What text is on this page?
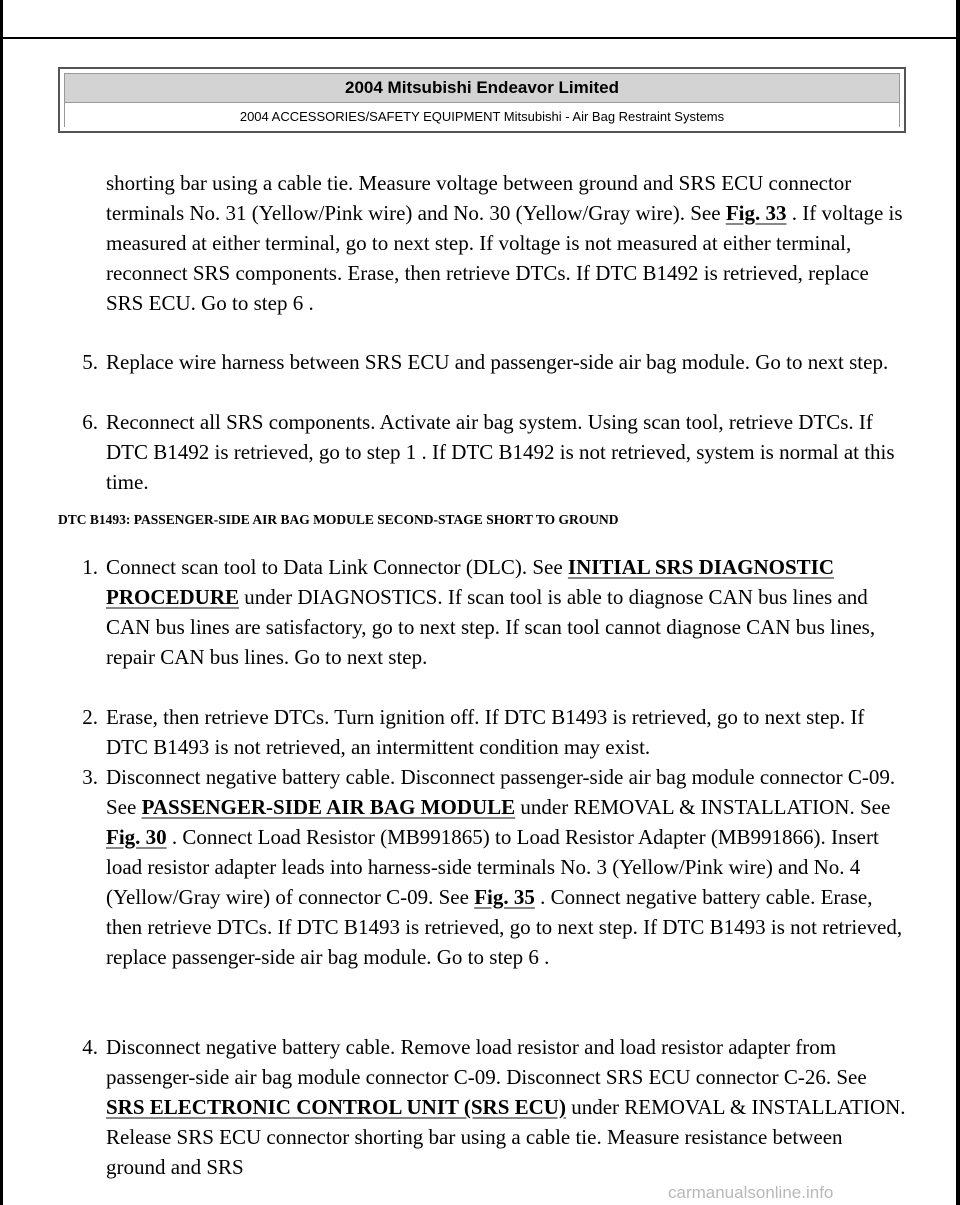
2004 Mitsubishi Endeavor Limited
2004 ACCESSORIES/SAFETY EQUIPMENT Mitsubishi - Air Bag Restraint Systems

shorting bar using a cable tie. Measure voltage between ground and SRS ECU connector terminals No. 31 (Yellow/Pink wire) and No. 30 (Yellow/Gray wire). See Fig. 33 . If voltage is measured at either terminal, go to next step. If voltage is not measured at either terminal, reconnect SRS components. Erase, then retrieve DTCs. If DTC B1492 is retrieved, replace SRS ECU. Go to step 6 .

5. Replace wire harness between SRS ECU and passenger-side air bag module. Go to next step.

6. Reconnect all SRS components. Activate air bag system. Using scan tool, retrieve DTCs. If DTC B1492 is retrieved, go to step 1 . If DTC B1492 is not retrieved, system is normal at this time.

DTC B1493: PASSENGER-SIDE AIR BAG MODULE SECOND-STAGE SHORT TO GROUND
1. Connect scan tool to Data Link Connector (DLC). See INITIAL SRS DIAGNOSTIC PROCEDURE under DIAGNOSTICS. If scan tool is able to diagnose CAN bus lines and CAN bus lines are satisfactory, go to next step. If scan tool cannot diagnose CAN bus lines, repair CAN bus lines. Go to next step.

2. Erase, then retrieve DTCs. Turn ignition off. If DTC B1493 is retrieved, go to next step. If DTC B1493 is not retrieved, an intermittent condition may exist.

3. Disconnect negative battery cable. Disconnect passenger-side air bag module connector C-09. See PASSENGER-SIDE AIR BAG MODULE under REMOVAL & INSTALLATION. See Fig. 30 . Connect Load Resistor (MB991865) to Load Resistor Adapter (MB991866). Insert load resistor adapter leads into harness-side terminals No. 3 (Yellow/Pink wire) and No. 4 (Yellow/Gray wire) of connector C-09. See Fig. 35 . Connect negative battery cable. Erase, then retrieve DTCs. If DTC B1493 is retrieved, go to next step. If DTC B1493 is not retrieved, replace passenger-side air bag module. Go to step 6 .

4. Disconnect negative battery cable. Remove load resistor and load resistor adapter from passenger-side air bag module connector C-09. Disconnect SRS ECU connector C-26. See SRS ELECTRONIC CONTROL UNIT (SRS ECU) under REMOVAL & INSTALLATION. Release SRS ECU connector shorting bar using a cable tie. Measure resistance between ground and SRS

carmanualsonline.info
